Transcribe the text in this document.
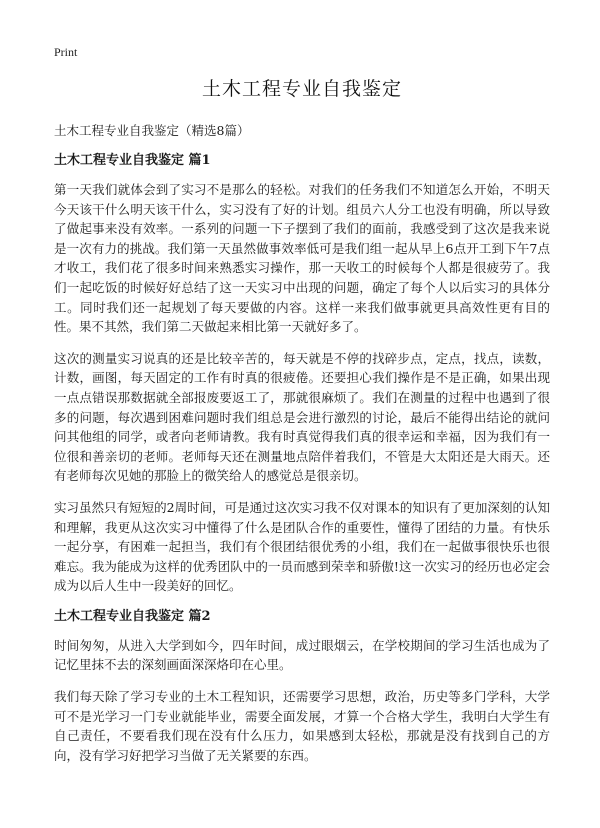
Print
土木工程专业自我鉴定
土木工程专业自我鉴定（精选8篇）
土木工程专业自我鉴定 篇1

第一天我们就体会到了实习不是那么的轻松。对我们的任务我们不知道怎么开始，不明天今天该干什么明天该干什么，实习没有了好的计划。组员六人分工也没有明确，所以导致了做起事来没有效率。一系列的问题一下子摆到了我们的面前，我感受到了这次是我来说是一次有力的挑战。我们第一天虽然做事效率低可是我们组一起从早上6点开工到下午7点才收工，我们花了很多时间来熟悉实习操作，那一天收工的时候每个人都是很疲劳了。我们一起吃饭的时候好好总结了这一天实习中出现的问题，确定了每个人以后实习的具体分工。同时我们还一起规划了每天要做的内容。这样一来我们做事就更具高效性更有目的性。果不其然，我们第二天做起来相比第一天就好多了。

这次的测量实习说真的还是比较辛苦的，每天就是不停的找碎步点，定点，找点，读数，计数，画图，每天固定的工作有时真的很疲倦。还要担心我们操作是不是正确，如果出现一点点错误那数据就全部报废要返工了，那就很麻烦了。我们在测量的过程中也遇到了很多的问题，每次遇到困难问题时我们组总是会进行激烈的讨论，最后不能得出结论的就问问其他组的同学，或者向老师请教。我有时真觉得我们真的很幸运和幸福，因为我们有一位很和善亲切的老师。老师每天还在测量地点陪伴着我们，不管是大太阳还是大雨天。还有老师每次见她的那脸上的微笑给人的感觉总是很亲切。

实习虽然只有短短的2周时间，可是通过这次实习我不仅对课本的知识有了更加深刻的认知和理解，我更从这次实习中懂得了什么是团队合作的重要性，懂得了团结的力量。有快乐一起分享，有困难一起担当，我们有个很团结很优秀的小组，我们在一起做事很快乐也很难忘。我为能成为这样的优秀团队中的一员而感到荣幸和骄傲!这一次实习的经历也必定会成为以后人生中一段美好的回忆。

土木工程专业自我鉴定 篇2

时间匆匆，从进入大学到如今，四年时间，成过眼烟云，在学校期间的学习生活也成为了记忆里抹不去的深刻画面深深烙印在心里。

我们每天除了学习专业的土木工程知识，还需要学习思想，政治，历史等多门学科，大学可不是光学习一门专业就能毕业，需要全面发展，才算一个合格大学生，我明白大学生有自己责任，不要看我们现在没有什么压力，如果感到太轻松，那就是没有找到自己的方向，没有学习好把学习当做了无关紧要的东西。
